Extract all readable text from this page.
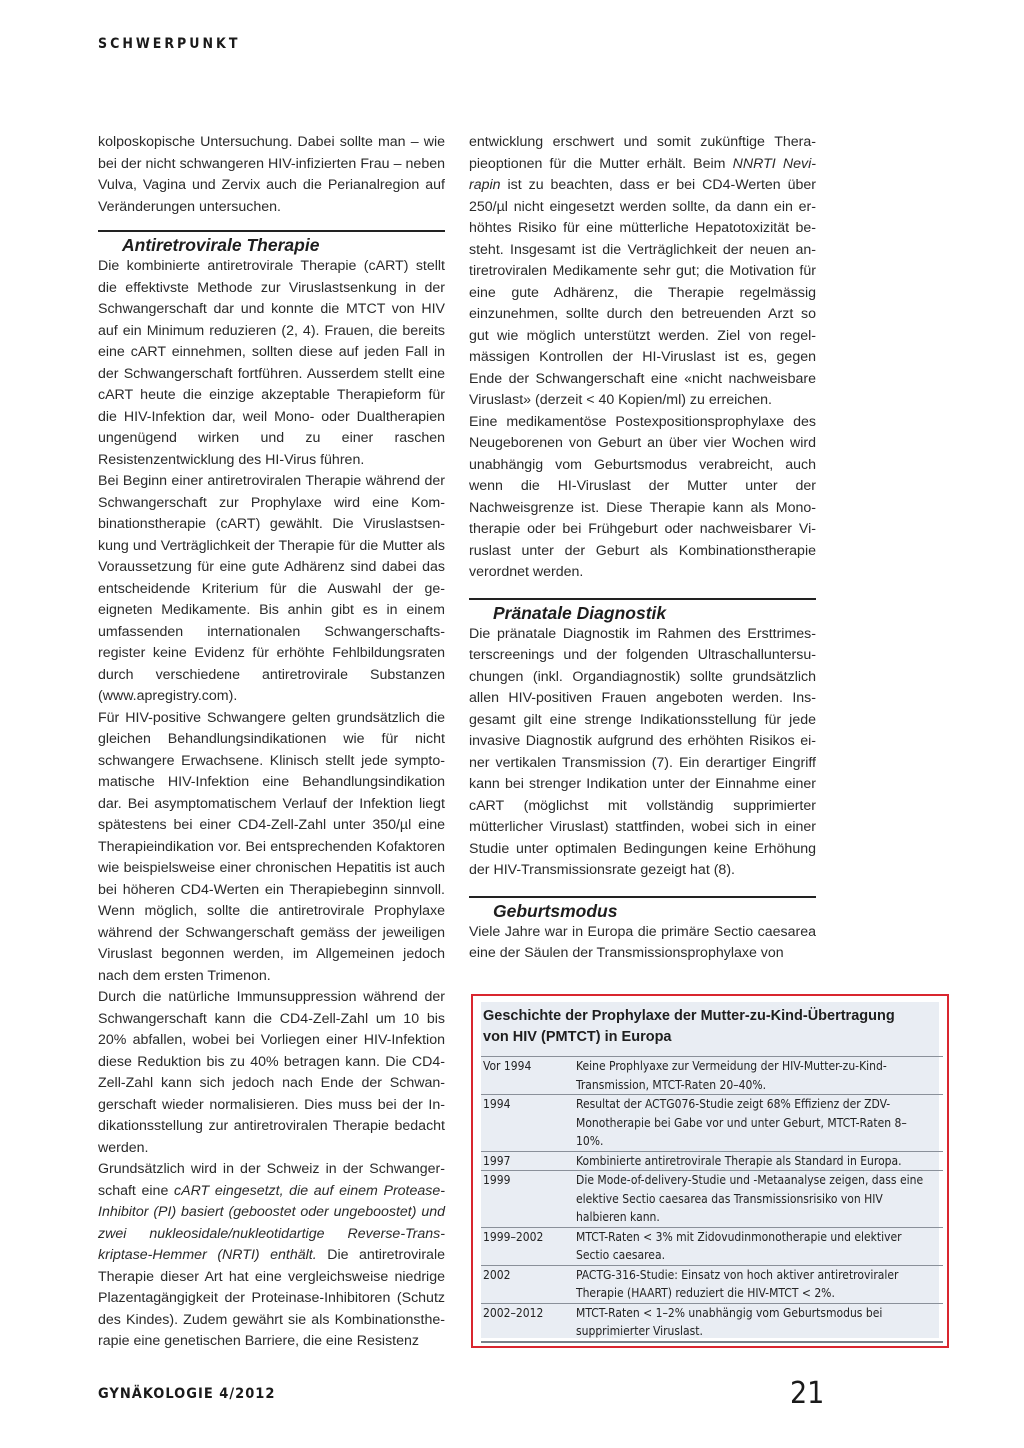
SCHWERPUNKT

kolposkopische Untersuchung. Dabei sollte man – wie bei der nicht schwangeren HIV-infizierten Frau – neben Vulva, Vagina und Zervix auch die Perianalregion auf Veränderungen untersuchen.

Antiretrovirale Therapie

Die kombinierte antiretrovirale Therapie (cART) stellt die effektivste Methode zur Viruslastsenkung in der Schwangerschaft dar und konnte die MTCT von HIV auf ein Minimum reduzieren (2, 4). Frauen, die bereits eine cART einnehmen, sollten diese auf jeden Fall in der Schwangerschaft fortführen. Ausserdem stellt eine cART heute die einzige akzeptable Therapieform für die HIV-Infektion dar, weil Mono- oder Dualtherapien ungenügend wirken und zu einer raschen Resistenzentwicklung des HI-Virus führen.

Bei Beginn einer antiretroviralen Therapie während der Schwangerschaft zur Prophylaxe wird eine Kombinationstherapie (cART) gewählt. Die Viruslastsenkung und Verträglichkeit der Therapie für die Mutter als Voraussetzung für eine gute Adhärenz sind dabei das entscheidende Kriterium für die Auswahl der geeigneten Medikamente. Bis anhin gibt es in einem umfassenden internationalen Schwangerschaftsregister keine Evidenz für erhöhte Fehlbildungsraten durch verschiedene antiretrovirale Substanzen (www.apregistry.com).

Für HIV-positive Schwangere gelten grundsätzlich die gleichen Behandlungsindikationen wie für nicht schwangere Erwachsene. Klinisch stellt jede symptomatische HIV-Infektion eine Behandlungsindikation dar. Bei asymptomatischem Verlauf der Infektion liegt spätestens bei einer CD4-Zell-Zahl unter 350/µl eine Therapieindikation vor. Bei entsprechenden Kofaktoren wie beispielsweise einer chronischen Hepatitis ist auch bei höheren CD4-Werten ein Therapiebeginn sinnvoll. Wenn möglich, sollte die antiretrovirale Prophylaxe während der Schwangerschaft gemäss der jeweiligen Viruslast begonnen werden, im Allgemeinen jedoch nach dem ersten Trimenon.

Durch die natürliche Immunsuppression während der Schwangerschaft kann die CD4-Zell-Zahl um 10 bis 20% abfallen, wobei bei Vorliegen einer HIV-Infektion diese Reduktion bis zu 40% betragen kann. Die CD4-Zell-Zahl kann sich jedoch nach Ende der Schwangerschaft wieder normalisieren. Dies muss bei der Indikationsstellung zur antiretroviralen Therapie bedacht werden.

Grundsätzlich wird in der Schweiz in der Schwangerschaft eine cART eingesetzt, die auf einem Protease-Inhibitor (PI) basiert (geboostet oder ungeboostet) und zwei nukleosidale/nukleotidartige Reverse-Transkriptase-Hemmer (NRTI) enthält. Die antiretrovirale Therapie dieser Art hat eine vergleichsweise niedrige Plazentagängigkeit der Proteinase-Inhibitoren (Schutz des Kindes). Zudem gewährt sie als Kombinationstherapie eine genetischen Barriere, die eine Resistenz

entwicklung erschwert und somit zukünftige Therapieoptionen für die Mutter erhält. Beim NNRTI Nevirapin ist zu beachten, dass er bei CD4-Werten über 250/µl nicht eingesetzt werden sollte, da dann ein erhöhtes Risiko für eine mütterliche Hepatotoxizität besteht. Insgesamt ist die Verträglichkeit der neuen antiretroviralen Medikamente sehr gut; die Motivation für eine gute Adhärenz, die Therapie regelmässig einzunehmen, sollte durch den betreuenden Arzt so gut wie möglich unterstützt werden. Ziel von regelmässigen Kontrollen der HI-Viruslast ist es, gegen Ende der Schwangerschaft eine «nicht nachweisbare Viruslast» (derzeit < 40 Kopien/ml) zu erreichen.

Eine medikamentöse Postexpositionsprophylaxe des Neugeborenen von Geburt an über vier Wochen wird unabhängig vom Geburtsmodus verabreicht, auch wenn die HI-Viruslast der Mutter unter der Nachweisgrenze ist. Diese Therapie kann als Monotherapie oder bei Frühgeburt oder nachweisbarer Viruslast unter der Geburt als Kombinationstherapie verordnet werden.

Pränatale Diagnostik

Die pränatale Diagnostik im Rahmen des Ersttrimesterscreenings und der folgenden Ultraschalluntersuchungen (inkl. Organdiagnostik) sollte grundsätzlich allen HIV-positiven Frauen angeboten werden. Insgesamt gilt eine strenge Indikationsstellung für jede invasive Diagnostik aufgrund des erhöhten Risikos einer vertikalen Transmission (7). Ein derartiger Eingriff kann bei strenger Indikation unter der Einnahme einer cART (möglichst mit vollständig supprimierter mütterlicher Viruslast) stattfinden, wobei sich in einer Studie unter optimalen Bedingungen keine Erhöhung der HIV-Transmissionsrate gezeigt hat (8).

Geburtsmodus

Viele Jahre war in Europa die primäre Sectio caesarea eine der Säulen der Transmissionsprophylaxe von

Geschichte der Prophylaxe der Mutter-zu-Kind-Übertragung von HIV (PMTCT) in Europa
Vor 1994	Keine Prophlyaxe zur Vermeidung der HIV-Mutter-zu-Kind-Transmission, MTCT-Raten 20–40%.
1994	Resultat der ACTG076-Studie zeigt 68% Effizienz der ZDV-Monotherapie bei Gabe vor und unter Geburt, MTCT-Raten 8–10%.
1997	Kombinierte antiretrovirale Therapie als Standard in Europa.
1999	Die Mode-of-delivery-Studie und -Metaanalyse zeigen, dass eine elektive Sectio caesarea das Transmissionsrisiko von HIV halbieren kann.
1999–2002	MTCT-Raten < 3% mit Zidovudinmonotherapie und elektiver Sectio caesarea.
2002	PACTG-316-Studie: Einsatz von hoch aktiver antiretroviraler Therapie (HAART) reduziert die HIV-MTCT < 2%.
2002–2012	MTCT-Raten < 1–2% unabhängig vom Geburtsmodus bei supprimierter Viruslast.
GYNÄKOLOGIE 4/2012	21
